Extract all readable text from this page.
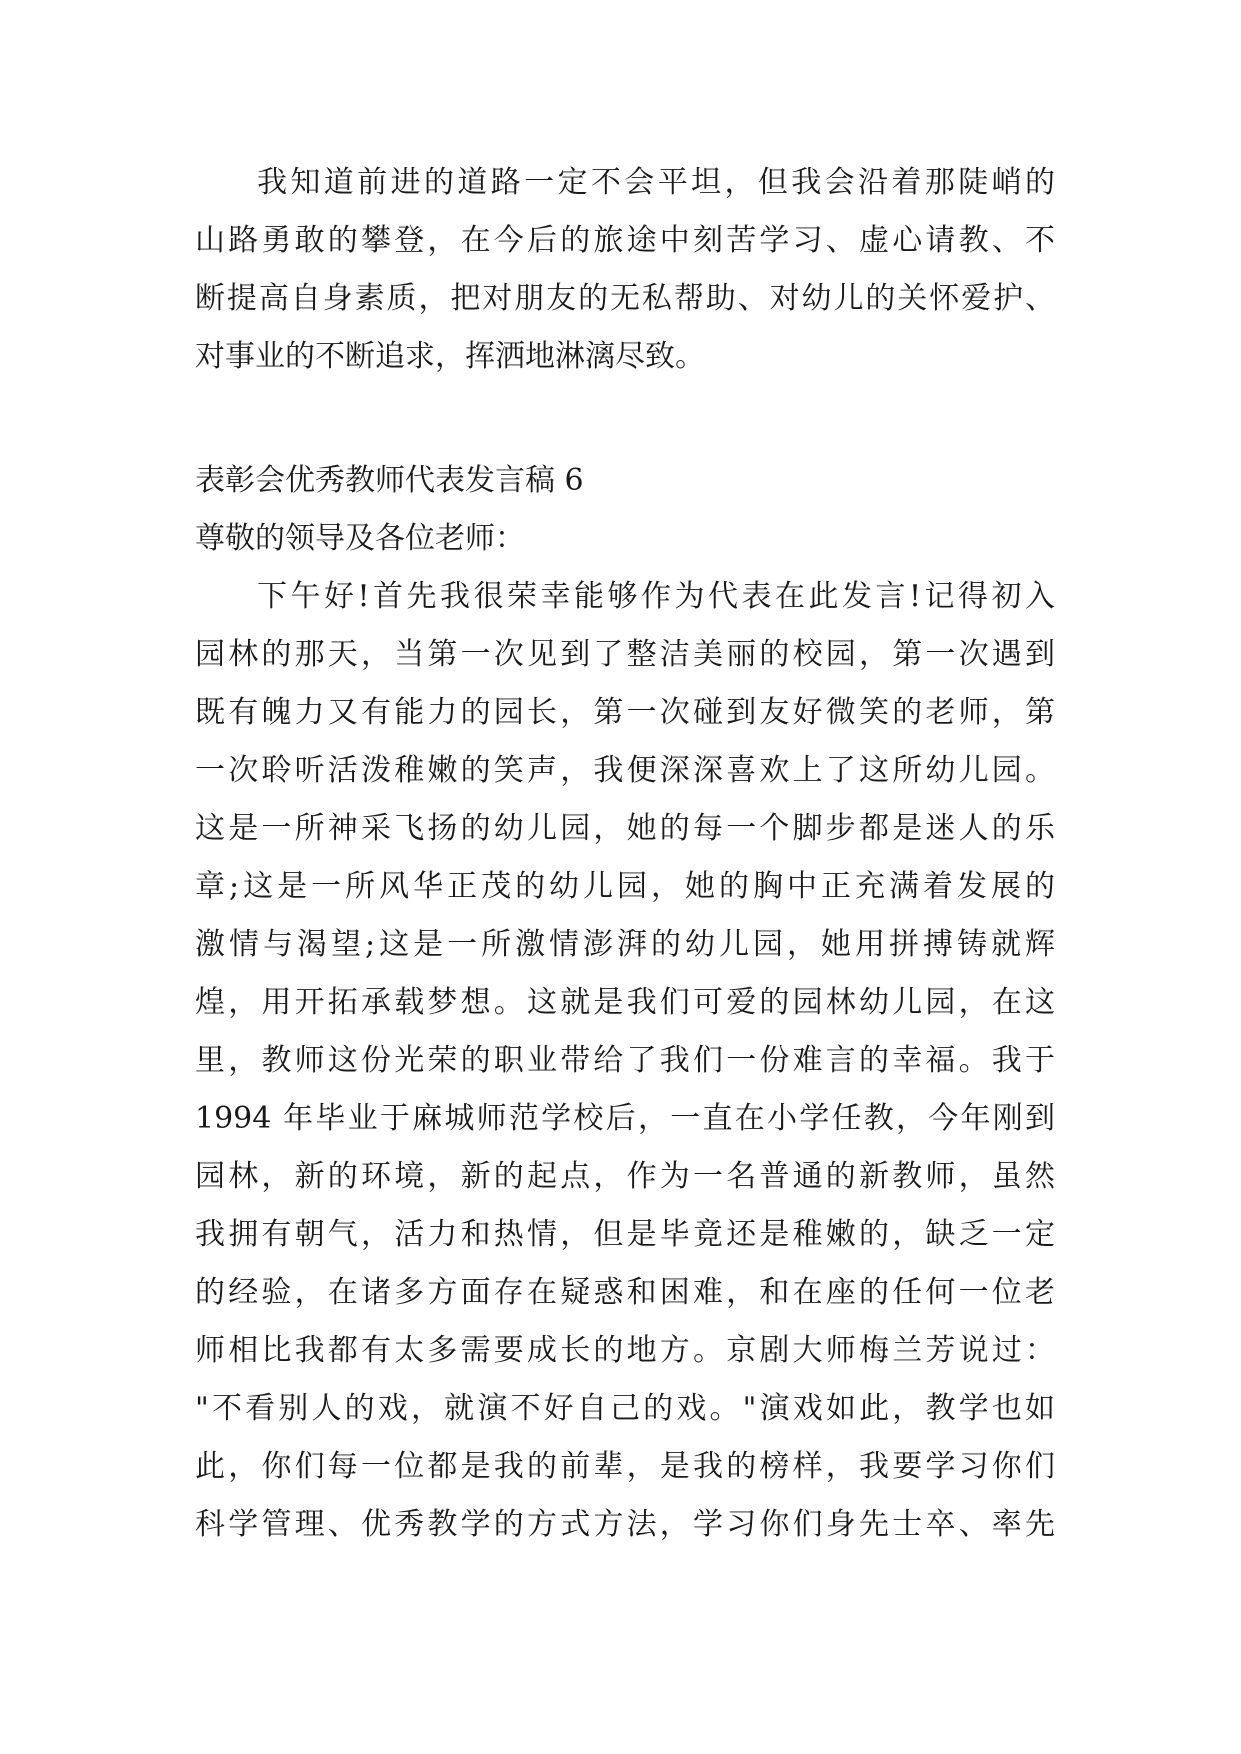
我知道前进的道路一定不会平坦，但我会沿着那陡峭的
山路勇敢的攀登，在今后的旅途中刻苦学习、虚心请教、不
断提高自身素质，把对朋友的无私帮助、对幼儿的关怀爱护、
对事业的不断追求，挥洒地淋漓尽致。
表彰会优秀教师代表发言稿 6
尊敬的领导及各位老师：
下午好!首先我很荣幸能够作为代表在此发言!记得初入
园林的那天，当第一次见到了整洁美丽的校园，第一次遇到
既有魄力又有能力的园长，第一次碰到友好微笑的老师，第
一次聆听活泼稚嫩的笑声，我便深深喜欢上了这所幼儿园。
这是一所神采飞扬的幼儿园，她的每一个脚步都是迷人的乐
章;这是一所风华正茂的幼儿园，她的胸中正充满着发展的
激情与渴望;这是一所激情澎湃的幼儿园，她用拼搏铸就辉
煌，用开拓承载梦想。这就是我们可爱的园林幼儿园，在这
里，教师这份光荣的职业带给了我们一份难言的幸福。我于
1994 年毕业于麻城师范学校后，一直在小学任教，今年刚到
园林，新的环境，新的起点，作为一名普通的新教师，虽然
我拥有朝气，活力和热情，但是毕竟还是稚嫩的，缺乏一定
的经验，在诸多方面存在疑惑和困难，和在座的任何一位老
师相比我都有太多需要成长的地方。京剧大师梅兰芳说过：
"不看别人的戏，就演不好自己的戏。"演戏如此，教学也如
此，你们每一位都是我的前辈，是我的榜样，我要学习你们
科学管理、优秀教学的方式方法，学习你们身先士卒、率先
